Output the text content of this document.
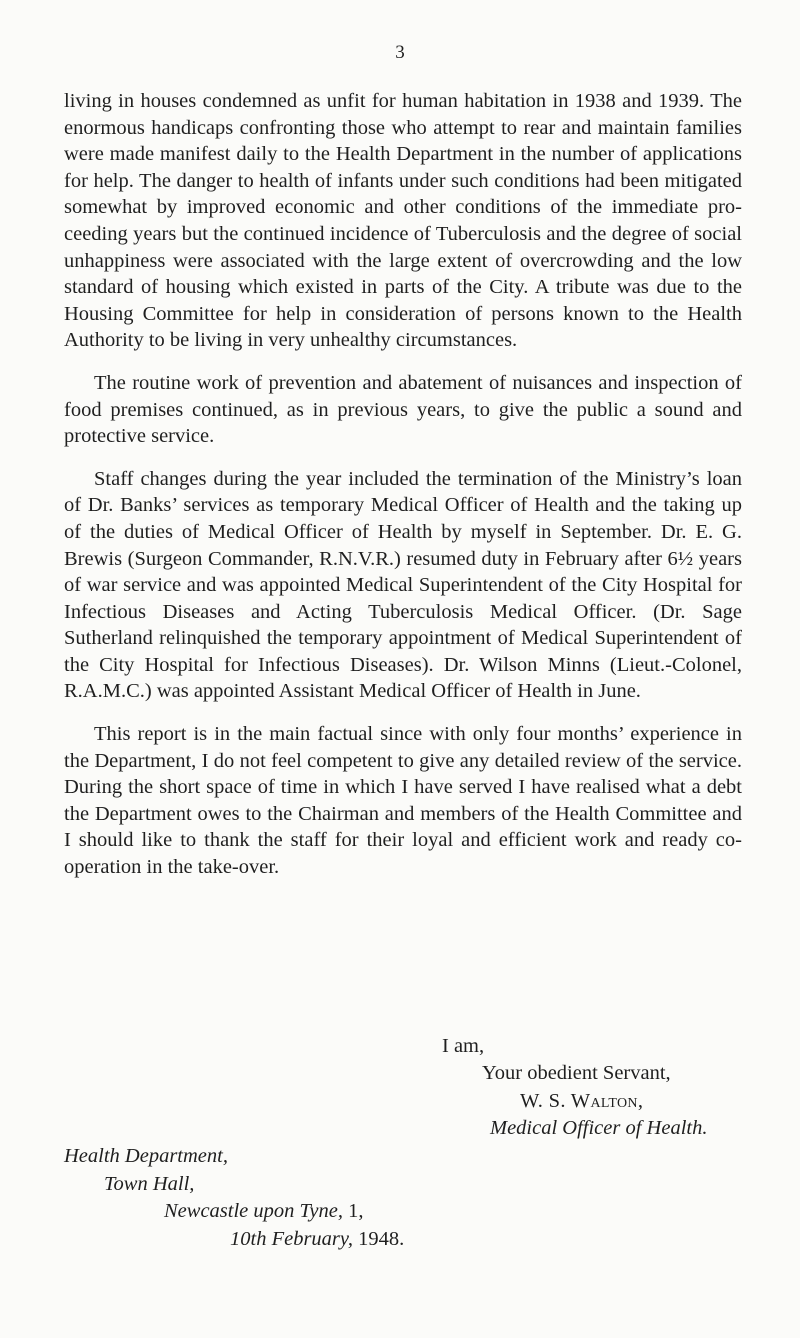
3

living in houses condemned as unfit for human habitation in 1938 and 1939. The enormous handicaps confronting those who attempt to rear and maintain families were made manifest daily to the Health Department in the number of applications for help. The danger to health of infants under such conditions had been mitigated somewhat by improved economic and other conditions of the immediate pro- ceeding years but the continued incidence of Tuberculosis and the degree of social unhappiness were associated with the large extent of overcrowding and the low standard of housing which existed in parts of the City. A tribute was due to the Housing Committee for help in consideration of persons known to the Health Authority to be living in very unhealthy circumstances.

The routine work of prevention and abatement of nuisances and inspection of food premises continued, as in previous years, to give the public a sound and protective service.

Staff changes during the year included the termination of the Ministry’s loan of Dr. Banks’ services as temporary Medical Officer of Health and the taking up of the duties of Medical Officer of Health by myself in September. Dr. E. G. Brewis (Surgeon Commander, R.N.V.R.) resumed duty in February after 6½ years of war service and was appointed Medical Superintendent of the City Hospital for Infectious Diseases and Acting Tuberculosis Medical Officer. (Dr. Sage Sutherland relinquished the temporary appointment of Medical Superintendent of the City Hospital for Infectious Diseases). Dr. Wilson Minns (Lieut.-Colonel, R.A.M.C.) was appointed Assistant Medical Officer of Health in June.

This report is in the main factual since with only four months’ experience in the Department, I do not feel competent to give any detailed review of the service. During the short space of time in which I have served I have realised what a debt the Department owes to the Chairman and members of the Health Committee and I should like to thank the staff for their loyal and efficient work and ready co-operation in the take-over.

I am,
Your obedient Servant,
W. S. Walton,
Medical Officer of Health.
Health Department,
Town Hall,
Newcastle upon Tyne, 1,
10th February, 1948.
